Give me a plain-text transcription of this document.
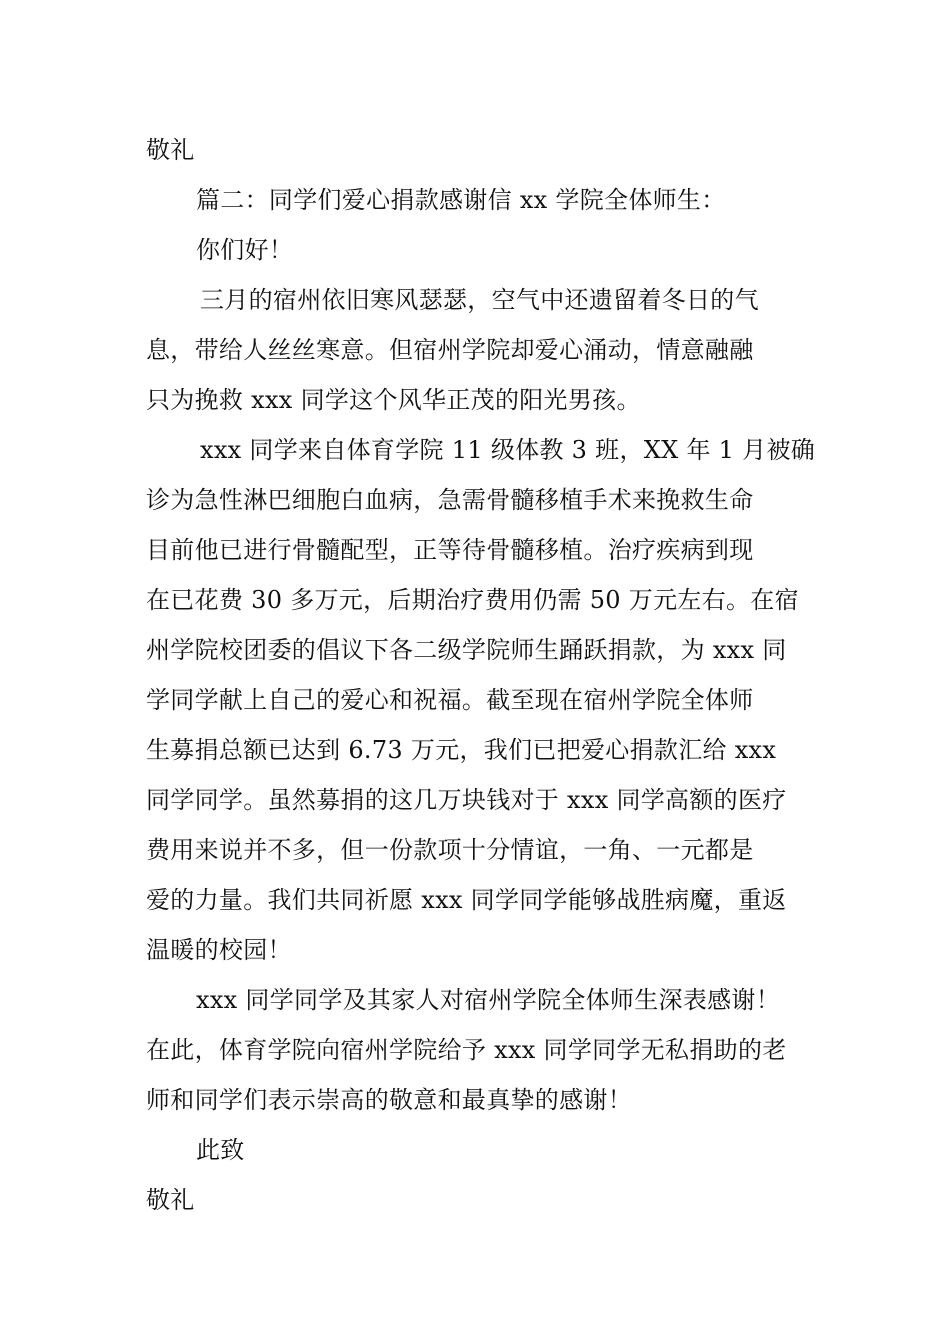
敬礼
篇二：同学们爱心捐款感谢信 xx 学院全体师生：
你们好！
三月的宿州依旧寒风瑟瑟，空气中还遗留着冬日的气
息，带给人丝丝寒意。但宿州学院却爱心涌动，情意融融
只为挽救 xxx 同学这个风华正茂的阳光男孩。
xxx 同学来自体育学院 11 级体教 3 班，XX 年 1 月被确
诊为急性淋巴细胞白血病，急需骨髓移植手术来挽救生命
目前他已进行骨髓配型，正等待骨髓移植。治疗疾病到现
在已花费 30 多万元，后期治疗费用仍需 50 万元左右。在宿
州学院校团委的倡议下各二级学院师生踊跃捐款，为 xxx 同
学同学献上自己的爱心和祝福。截至现在宿州学院全体师
生募捐总额已达到 6.73 万元，我们已把爱心捐款汇给 xxx
同学同学。虽然募捐的这几万块钱对于 xxx 同学高额的医疗
费用来说并不多，但一份款项十分情谊，一角、一元都是
爱的力量。我们共同祈愿 xxx 同学同学能够战胜病魔，重返
温暖的校园！
xxx 同学同学及其家人对宿州学院全体师生深表感谢！
在此，体育学院向宿州学院给予 xxx 同学同学无私捐助的老
师和同学们表示崇高的敬意和最真挚的感谢！
此致
敬礼
